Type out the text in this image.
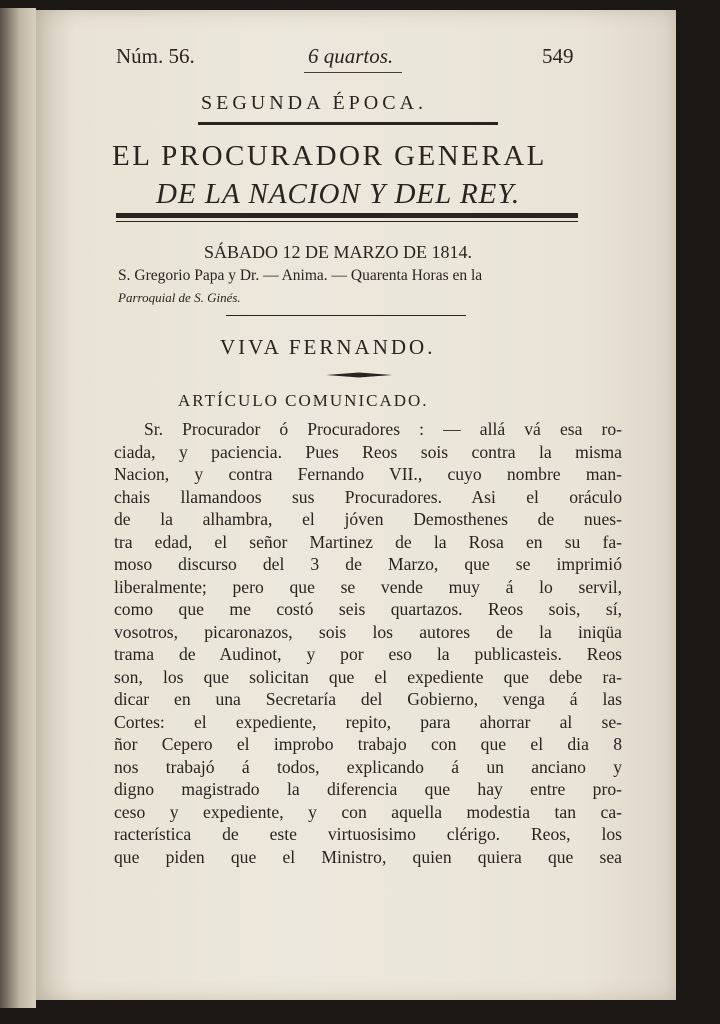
Núm. 56.	6 quartos.	549
SEGUNDA ÉPOCA.
EL PROCURADOR GENERAL
DE LA NACION Y DEL REY.
SÁBADO 12 DE MARZO DE 1814.
S. Gregorio Papa y Dr. — Anima. — Quarenta Horas en la
Parroquial de S. Ginés.
VIVA FERNANDO.
ARTÍCULO COMUNICADO.
Sr. Procurador ó Procuradores : — allá vá esa ro-
ciada, y paciencia. Pues Reos sois contra la misma
Nacion, y contra Fernando VII., cuyo nombre man-
chais llamandoos sus Procuradores. Asi el oráculo
de la alhambra, el jóven Demosthenes de nues-
tra edad, el señor Martinez de la Rosa en su fa-
moso discurso del 3 de Marzo, que se imprimió
liberalmente; pero que se vende muy á lo servil,
como que me costó seis quartazos. Reos sois, sí,
vosotros, picaronazos, sois los autores de la iniqüa
trama de Audinot, y por eso la publicasteis. Reos
son, los que solicitan que el expediente que debe ra-
dicar en una Secretaría del Gobierno, venga á las
Cortes: el expediente, repito, para ahorrar al se-
ñor Cepero el improbo trabajo con que el dia 8
nos trabajó á todos, explicando á un anciano y
digno magistrado la diferencia que hay entre pro-
ceso y expediente, y con aquella modestia tan ca-
racterística de este virtuosisimo clérigo. Reos, los
que piden que el Ministro, quien quiera que sea
